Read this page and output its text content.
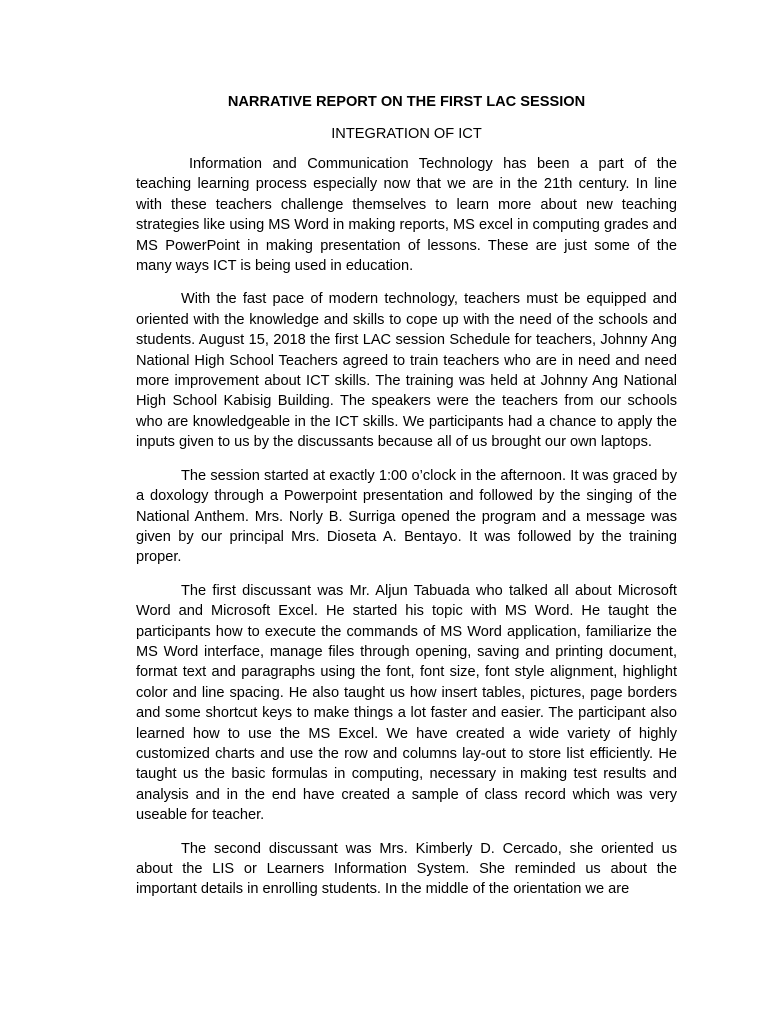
NARRATIVE REPORT ON THE FIRST LAC SESSION
INTEGRATION OF ICT

Information and Communication Technology has been a part of the teaching learning process especially now that we are in the 21th century. In line with these teachers challenge themselves to learn more about new teaching strategies like using MS Word in making reports, MS excel in computing grades and MS PowerPoint in making presentation of lessons. These are just some of the many ways ICT is being used in education.

With the fast pace of modern technology, teachers must be equipped and oriented with the knowledge and skills to cope up with the need of the schools and students. August 15, 2018 the first LAC session Schedule for teachers, Johnny Ang National High School Teachers agreed to train teachers who are in need and need more improvement about ICT skills. The training was held at Johnny Ang National High School Kabisig Building. The speakers were the teachers from our schools who are knowledgeable in the ICT skills. We participants had a chance to apply the inputs given to us by the discussants because all of us brought our own laptops.

The session started at exactly 1:00 o’clock in the afternoon. It was graced by a doxology through a Powerpoint presentation and followed by the singing of the National Anthem. Mrs. Norly B. Surriga opened the program and a message was given by our principal Mrs. Dioseta A. Bentayo. It was followed by the training proper.

The first discussant was Mr. Aljun Tabuada who talked all about Microsoft Word and Microsoft Excel. He started his topic with MS Word. He taught the participants how to execute the commands of MS Word application, familiarize the MS Word interface, manage files through opening, saving and printing document, format text and paragraphs using the font, font size, font style alignment, highlight color and line spacing. He also taught us how insert tables, pictures, page borders and some shortcut keys to make things a lot faster and easier. The participant also learned how to use the MS Excel. We have created a wide variety of highly customized charts and use the row and columns lay-out to store list efficiently. He taught us the basic formulas in computing, necessary in making test results and analysis and in the end have created a sample of class record which was very useable for teacher.

The second discussant was Mrs. Kimberly D. Cercado, she oriented us about the LIS or Learners Information System. She reminded us about the important details in enrolling students. In the middle of the orientation we are
